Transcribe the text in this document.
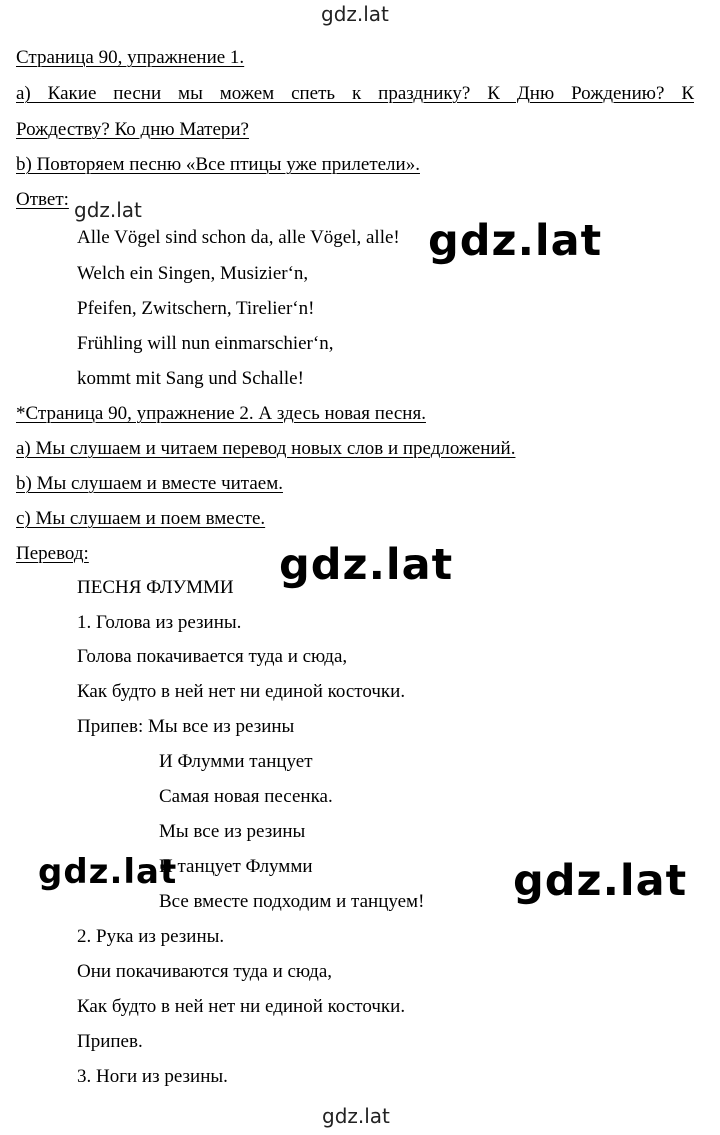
gdz.lat
gdz.lat
gdz.lat
gdz.lat
gdz.lat	gdz.lat
gdz.lat
Страница 90, упражнение 1.
а) Какие песни мы можем спеть к празднику? К Дню Рождению? К
Рождеству? Ко дню Матери?
b) Повторяем песню «Все птицы уже прилетели».
Ответ:
Alle Vögel sind schon da, alle Vögel, alle!
Welch ein Singen, Musizier‘n,
Pfeifen, Zwitschern, Tirelier‘n!
Frühling will nun einmarschier‘n,
kommt mit Sang und Schalle!
*Страница 90, упражнение 2. А здесь новая песня.
a) Мы слушаем и читаем перевод новых слов и предложений.
b) Мы слушаем и вместе читаем.
c) Мы слушаем и поем вместе.
Перевод:
ПЕСНЯ ФЛУММИ
1. Голова из резины.
Голова покачивается туда и сюда,
Как будто в ней нет ни единой косточки.
Припев: Мы все из резины
И Флумми танцует
Самая новая песенка.
Мы все из резины
И танцует Флумми
Все вместе подходим и танцуем!
2. Рука из резины.
Они покачиваются туда и сюда,
Как будто в ней нет ни единой косточки.
Припев.
3. Ноги из резины.
